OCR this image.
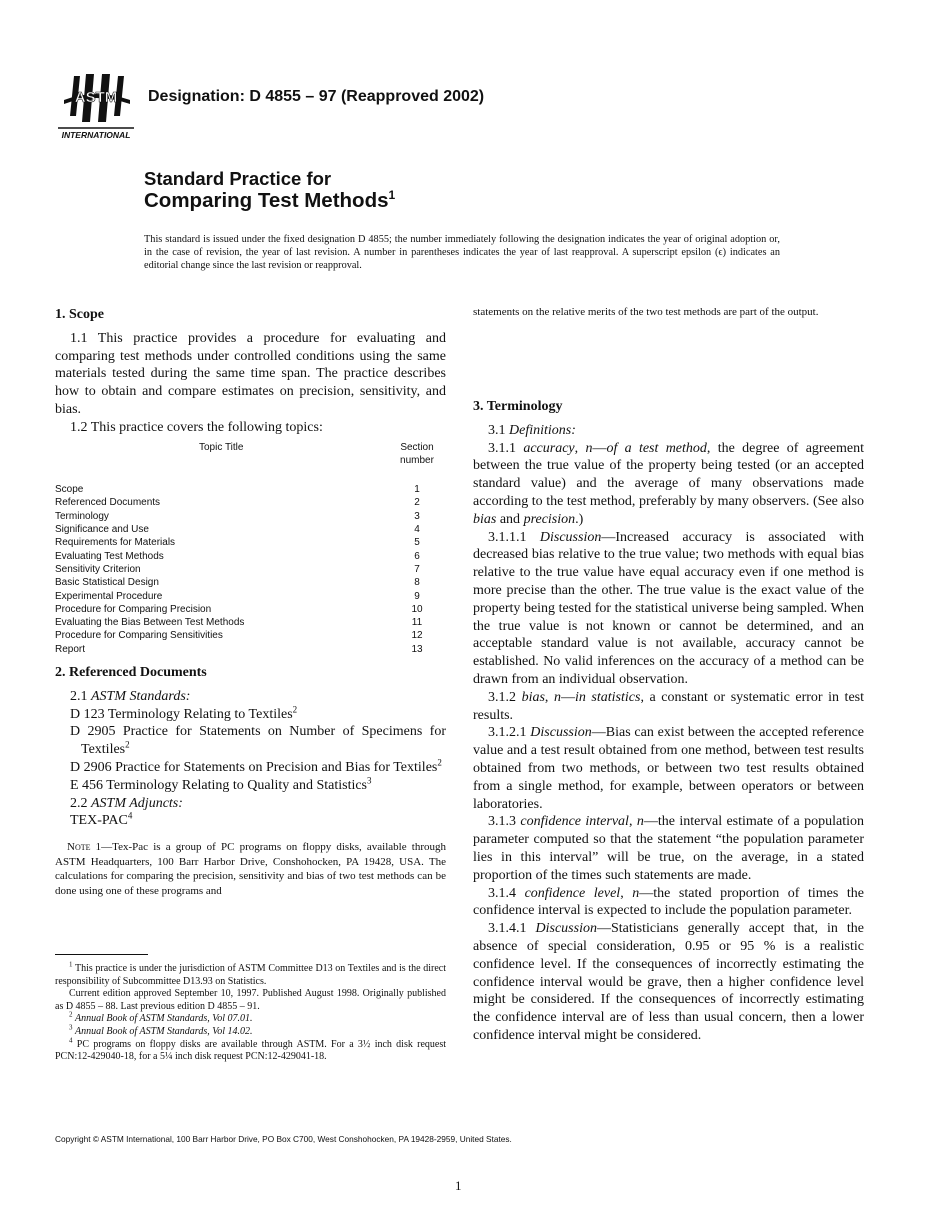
ASTM
INTERNATIONAL
Designation: D 4855 – 97 (Reapproved 2002)
Standard Practice for
Comparing Test Methods$^1$
This standard is issued under the fixed designation D 4855; the number immediately following the designation indicates the year of original adoption or, in the case of revision, the year of last revision. A number in parentheses indicates the year of last reapproval. A superscript epsilon (ϵ) indicates an editorial change since the last revision or reapproval.
1. Scope

1.1 This practice provides a procedure for evaluating and comparing test methods under controlled conditions using the same materials tested during the same time span. The practice describes how to obtain and compare estimates on precision, sensitivity, and bias.

1.2 This practice covers the following topics:

Topic Title	Section number
Scope	1
Referenced Documents	2
Terminology	3
Significance and Use	4
Requirements for Materials	5
Evaluating Test Methods	6
Sensitivity Criterion	7
Basic Statistical Design	8
Experimental Procedure	9
Procedure for Comparing Precision	10
Evaluating the Bias Between Test Methods	11
Procedure for Comparing Sensitivities	12
Report	13
2. Referenced Documents

2.1 ASTM Standards:

D 123 Terminology Relating to Textiles$^2$

D 2905 Practice for Statements on Number of Specimens for Textiles$^2$

D 2906 Practice for Statements on Precision and Bias for Textiles$^2$

E 456 Terminology Relating to Quality and Statistics$^3$

2.2 ASTM Adjuncts:

TEX-PAC$^4$

Note 1—Tex-Pac is a group of PC programs on floppy disks, available through ASTM Headquarters, 100 Barr Harbor Drive, Conshohocken, PA 19428, USA. The calculations for comparing the precision, sensitivity and bias of two test methods can be done using one of these programs and

$^1$ This practice is under the jurisdiction of ASTM Committee D13 on Textiles and is the direct responsibility of Subcommittee D13.93 on Statistics.

Current edition approved September 10, 1997. Published August 1998. Originally published as D 4855 – 88. Last previous edition D 4855 – 91.

$^2$ Annual Book of ASTM Standards, Vol 07.01.

$^3$ Annual Book of ASTM Standards, Vol 14.02.

$^4$ PC programs on floppy disks are available through ASTM. For a 3½ inch disk request PCN:12-429040-18, for a 5¼ inch disk request PCN:12-429041-18.

3. Terminology

3.1 Definitions:

3.1.1 accuracy, n—of a test method, the degree of agreement between the true value of the property being tested (or an accepted standard value) and the average of many observations made according to the test method, preferably by many observers. (See also bias and precision.)

3.1.1.1 Discussion—Increased accuracy is associated with decreased bias relative to the true value; two methods with equal bias relative to the true value have equal accuracy even if one method is more precise than the other. The true value is the exact value of the property being tested for the statistical universe being sampled. When the true value is not known or cannot be determined, and an acceptable standard value is not available, accuracy cannot be established. No valid inferences on the accuracy of a method can be drawn from an individual observation.

3.1.2 bias, n—in statistics, a constant or systematic error in test results.

3.1.2.1 Discussion—Bias can exist between the accepted reference value and a test result obtained from one method, between test results obtained from two methods, or between two test results obtained from a single method, for example, between operators or between laboratories.

3.1.3 confidence interval, n—the interval estimate of a population parameter computed so that the statement “the population parameter lies in this interval” will be true, on the average, in a stated proportion of the times such statements are made.

3.1.4 confidence level, n—the stated proportion of times the confidence interval is expected to include the population parameter.

3.1.4.1 Discussion—Statisticians generally accept that, in the absence of special consideration, 0.95 or 95 % is a realistic confidence level. If the consequences of incorrectly estimating the confidence interval would be grave, then a higher confidence level might be considered. If the consequences of incorrectly estimating the confidence interval are of less than usual concern, then a lower confidence interval might be considered.

Copyright © ASTM International, 100 Barr Harbor Drive, PO Box C700, West Conshohocken, PA 19428-2959, United States.
1

statements on the relative merits of the two test methods are part of the output.
